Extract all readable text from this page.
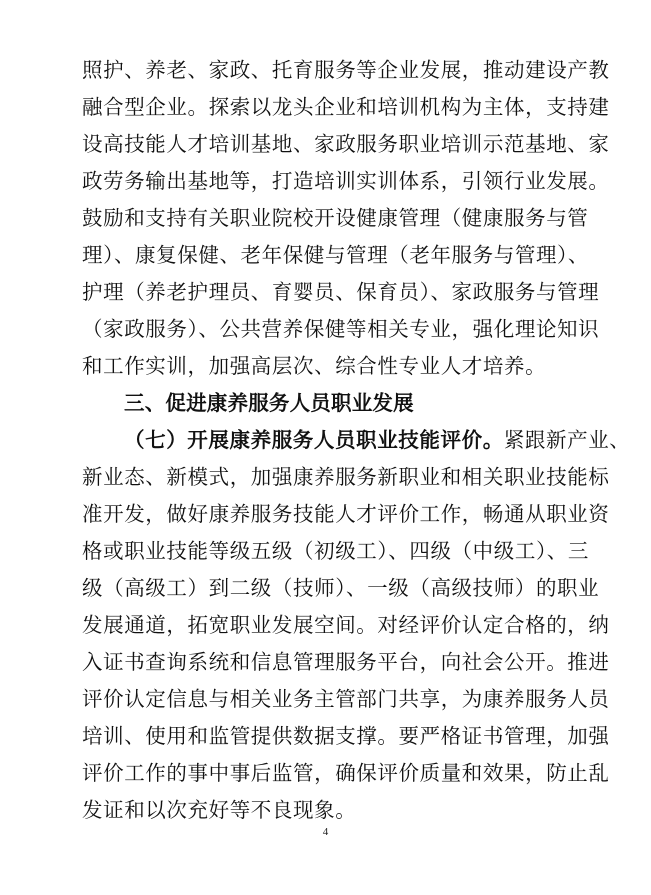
照护、养老、家政、托育服务等企业发展，推动建设产教
融合型企业。探索以龙头企业和培训机构为主体，支持建
设高技能人才培训基地、家政服务职业培训示范基地、家
政劳务输出基地等，打造培训实训体系，引领行业发展。
鼓励和支持有关职业院校开设健康管理（健康服务与管
理）、康复保健、老年保健与管理（老年服务与管理）、
护理（养老护理员、育婴员、保育员）、家政服务与管理
（家政服务）、公共营养保健等相关专业，强化理论知识
和工作实训，加强高层次、综合性专业人才培养。
三、促进康养服务人员职业发展
（七）开展康养服务人员职业技能评价。紧跟新产业、
新业态、新模式，加强康养服务新职业和相关职业技能标
准开发，做好康养服务技能人才评价工作，畅通从职业资
格或职业技能等级五级（初级工）、四级（中级工）、三
级（高级工）到二级（技师）、一级（高级技师）的职业
发展通道，拓宽职业发展空间。对经评价认定合格的，纳
入证书查询系统和信息管理服务平台，向社会公开。推进
评价认定信息与相关业务主管部门共享，为康养服务人员
培训、使用和监管提供数据支撑。要严格证书管理，加强
评价工作的事中事后监管，确保评价质量和效果，防止乱
发证和以次充好等不良现象。
4
